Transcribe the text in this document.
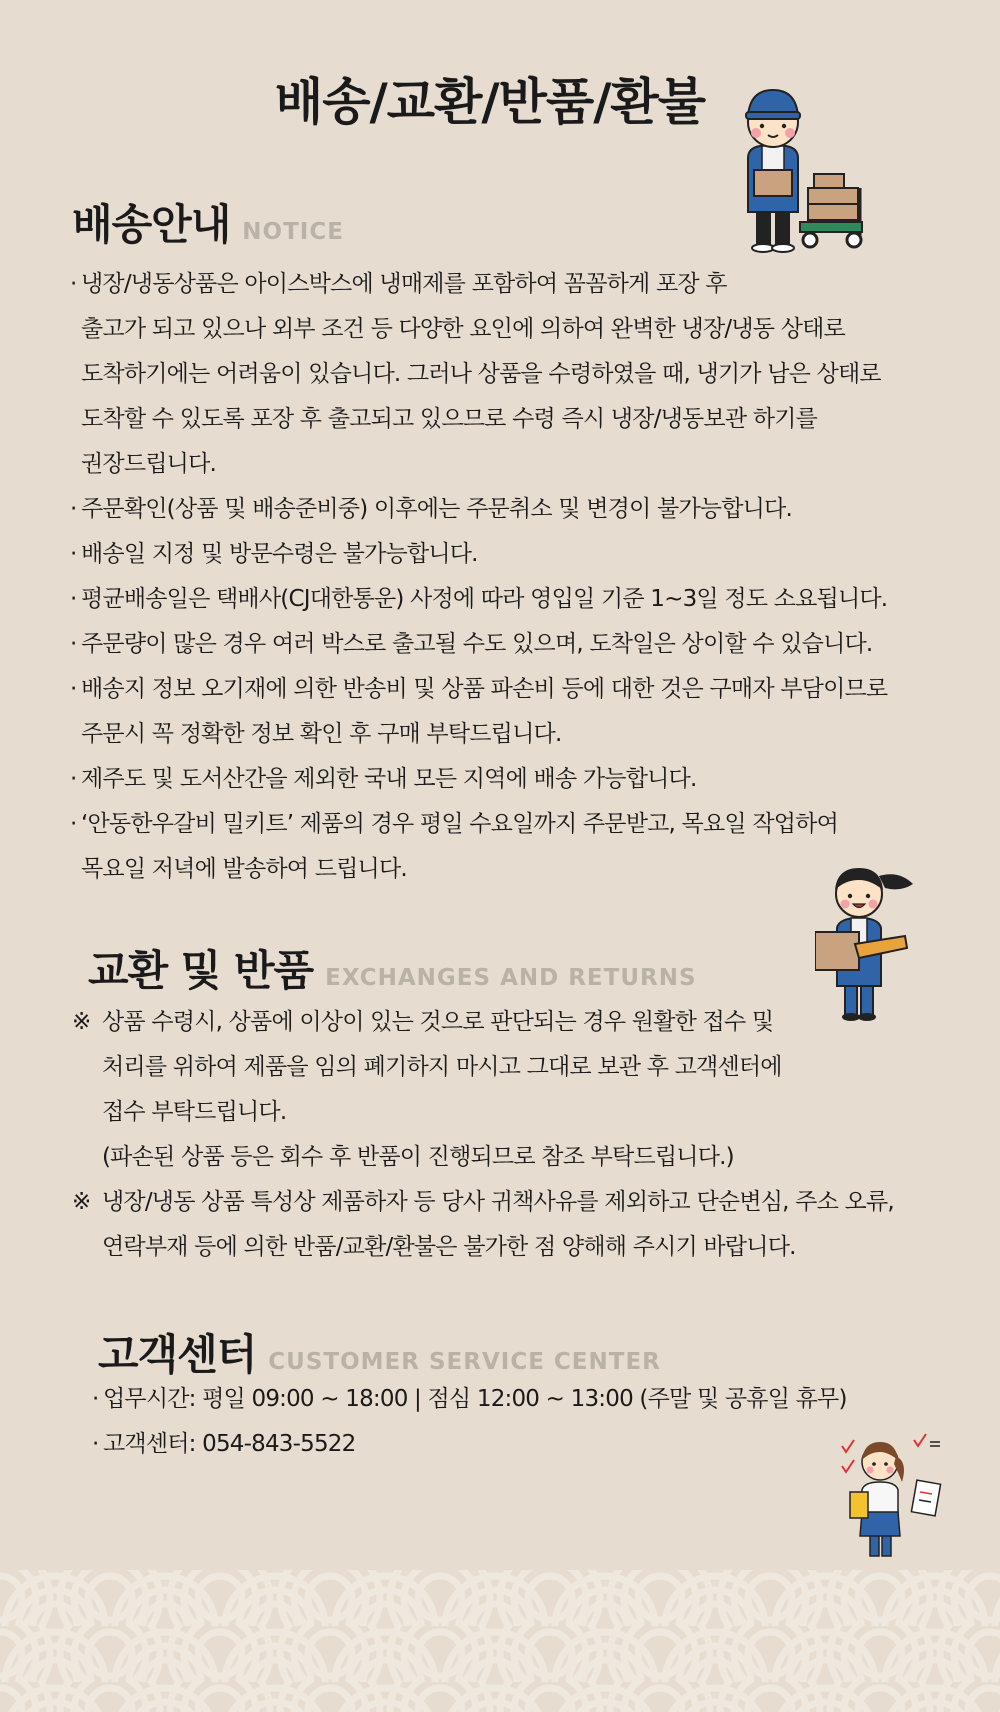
배송/교환/반품/환불
배송안내 NOTICE
· 냉장/냉동상품은 아이스박스에 냉매제를 포함하여 꼼꼼하게 포장 후
출고가 되고 있으나 외부 조건 등 다양한 요인에 의하여 완벽한 냉장/냉동 상태로
도착하기에는 어려움이 있습니다. 그러나 상품을 수령하였을 때, 냉기가 남은 상태로
도착할 수 있도록 포장 후 출고되고 있으므로 수령 즉시 냉장/냉동보관 하기를
권장드립니다.
· 주문확인(상품 및 배송준비중) 이후에는 주문취소 및 변경이 불가능합니다.
· 배송일 지정 및 방문수령은 불가능합니다.
· 평균배송일은 택배사(CJ대한통운) 사정에 따라 영입일 기준 1~3일 정도 소요됩니다.
· 주문량이 많은 경우 여러 박스로 출고될 수도 있으며, 도착일은 상이할 수 있습니다.
· 배송지 정보 오기재에 의한 반송비 및 상품 파손비 등에 대한 것은 구매자 부담이므로
주문시 꼭 정확한 정보 확인 후 구매 부탁드립니다.
· 제주도 및 도서산간을 제외한 국내 모든 지역에 배송 가능합니다.
· ‘안동한우갈비 밀키트’ 제품의 경우 평일 수요일까지 주문받고, 목요일 작업하여
목요일 저녁에 발송하여 드립니다.
교환 및 반품 EXCHANGES AND RETURNS
※ 상품 수령시, 상품에 이상이 있는 것으로 판단되는 경우 원활한 접수 및
처리를 위하여 제품을 임의 폐기하지 마시고 그대로 보관 후 고객센터에
접수 부탁드립니다.
(파손된 상품 등은 회수 후 반품이 진행되므로 참조 부탁드립니다.)
※ 냉장/냉동 상품 특성상 제품하자 등 당사 귀책사유를 제외하고 단순변심, 주소 오류,
연락부재 등에 의한 반품/교환/환불은 불가한 점 양해해 주시기 바랍니다.
고객센터 CUSTOMER SERVICE CENTER
· 업무시간: 평일 09:00 ~ 18:00 | 점심 12:00 ~ 13:00 (주말 및 공휴일 휴무)
· 고객센터: 054-843-5522
